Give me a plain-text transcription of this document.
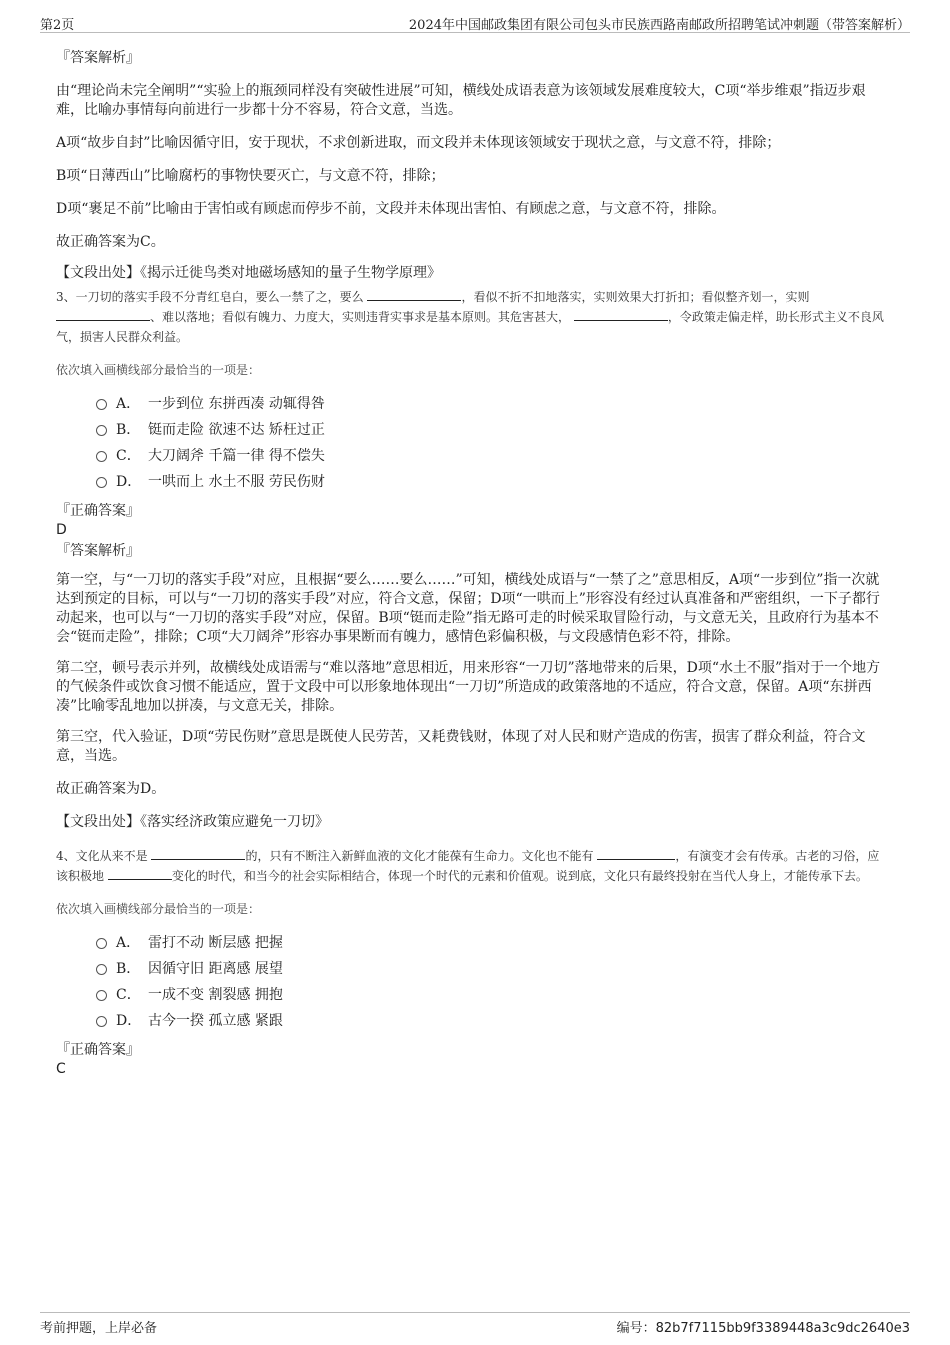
第2页	2024年中国邮政集团有限公司包头市民族西路南邮政所招聘笔试冲刺题（带答案解析）

『答案解析』

由“理论尚未完全阐明”“实验上的瓶颈同样没有突破性进展”可知，横线处成语表意为该领域发展难度较大，C项“举步维艰”指迈步艰难，比喻办事情每向前进行一步都十分不容易，符合文意，当选。

A项“故步自封”比喻因循守旧，安于现状，不求创新进取，而文段并未体现该领域安于现状之意，与文意不符，排除；

B项“日薄西山”比喻腐朽的事物快要灭亡，与文意不符，排除；

D项“裹足不前”比喻由于害怕或有顾虑而停步不前，文段并未体现出害怕、有顾虑之意，与文意不符，排除。

故正确答案为C。

【文段出处】《揭示迁徙鸟类对地磁场感知的量子生物学原理》

3、一刀切的落实手段不分青红皂白，要么一禁了之，要么	，看似不折不扣地落实，实则效果大打折扣；看似整齐划一，实则 、难以落地；看似有魄力、力度大，实则违背实事求是基本原则。其危害甚大，	，令政策走偏走样，助长形式主义不良风气，损害人民群众利益。

依次填入画横线部分最恰当的一项是：

A． 一步到位 东拼西凑 动辄得咎
B． 铤而走险 欲速不达 矫枉过正
C． 大刀阔斧 千篇一律 得不偿失
D． 一哄而上 水土不服 劳民伤财

『正确答案』

D

『答案解析』

第一空，与“一刀切的落实手段”对应，且根据“要么……要么……”可知，横线处成语与“一禁了之”意思相反，A项“一步到位”指一次就达到预定的目标，可以与“一刀切的落实手段”对应，符合文意，保留；D项“一哄而上”形容没有经过认真准备和严密组织，一下子都行动起来，也可以与“一刀切的落实手段”对应，保留。B项“铤而走险”指无路可走的时候采取冒险行动，与文意无关，且政府行为基本不会“铤而走险”，排除；C项“大刀阔斧”形容办事果断而有魄力，感情色彩偏积极，与文段感情色彩不符，排除。

第二空，顿号表示并列，故横线处成语需与“难以落地”意思相近，用来形容“一刀切”落地带来的后果，D项“水土不服”指对于一个地方的气候条件或饮食习惯不能适应，置于文段中可以形象地体现出“一刀切”所造成的政策落地的不适应，符合文意，保留。A项“东拼西凑”比喻零乱地加以拼凑，与文意无关，排除。

第三空，代入验证，D项“劳民伤财”意思是既使人民劳苦，又耗费钱财，体现了对人民和财产造成的伤害，损害了群众利益，符合文意，当选。

故正确答案为D。

【文段出处】《落实经济政策应避免一刀切》

4、文化从来不是	的，只有不断注入新鲜血液的文化才能葆有生命力。文化也不能有	，有演变才会有传承。古老的习俗，应该积极地	变化的时代，和当今的社会实际相结合，体现一个时代的元素和价值观。说到底，文化只有最终投射在当代人身上，才能传承下去。

依次填入画横线部分最恰当的一项是：

A． 雷打不动 断层感 把握
B． 因循守旧 距离感 展望
C． 一成不变 割裂感 拥抱
D． 古今一揆 孤立感 紧跟

『正确答案』

C

考前押题，上岸必备	编号：82b7f7115bb9f3389448a3c9dc2640e3
